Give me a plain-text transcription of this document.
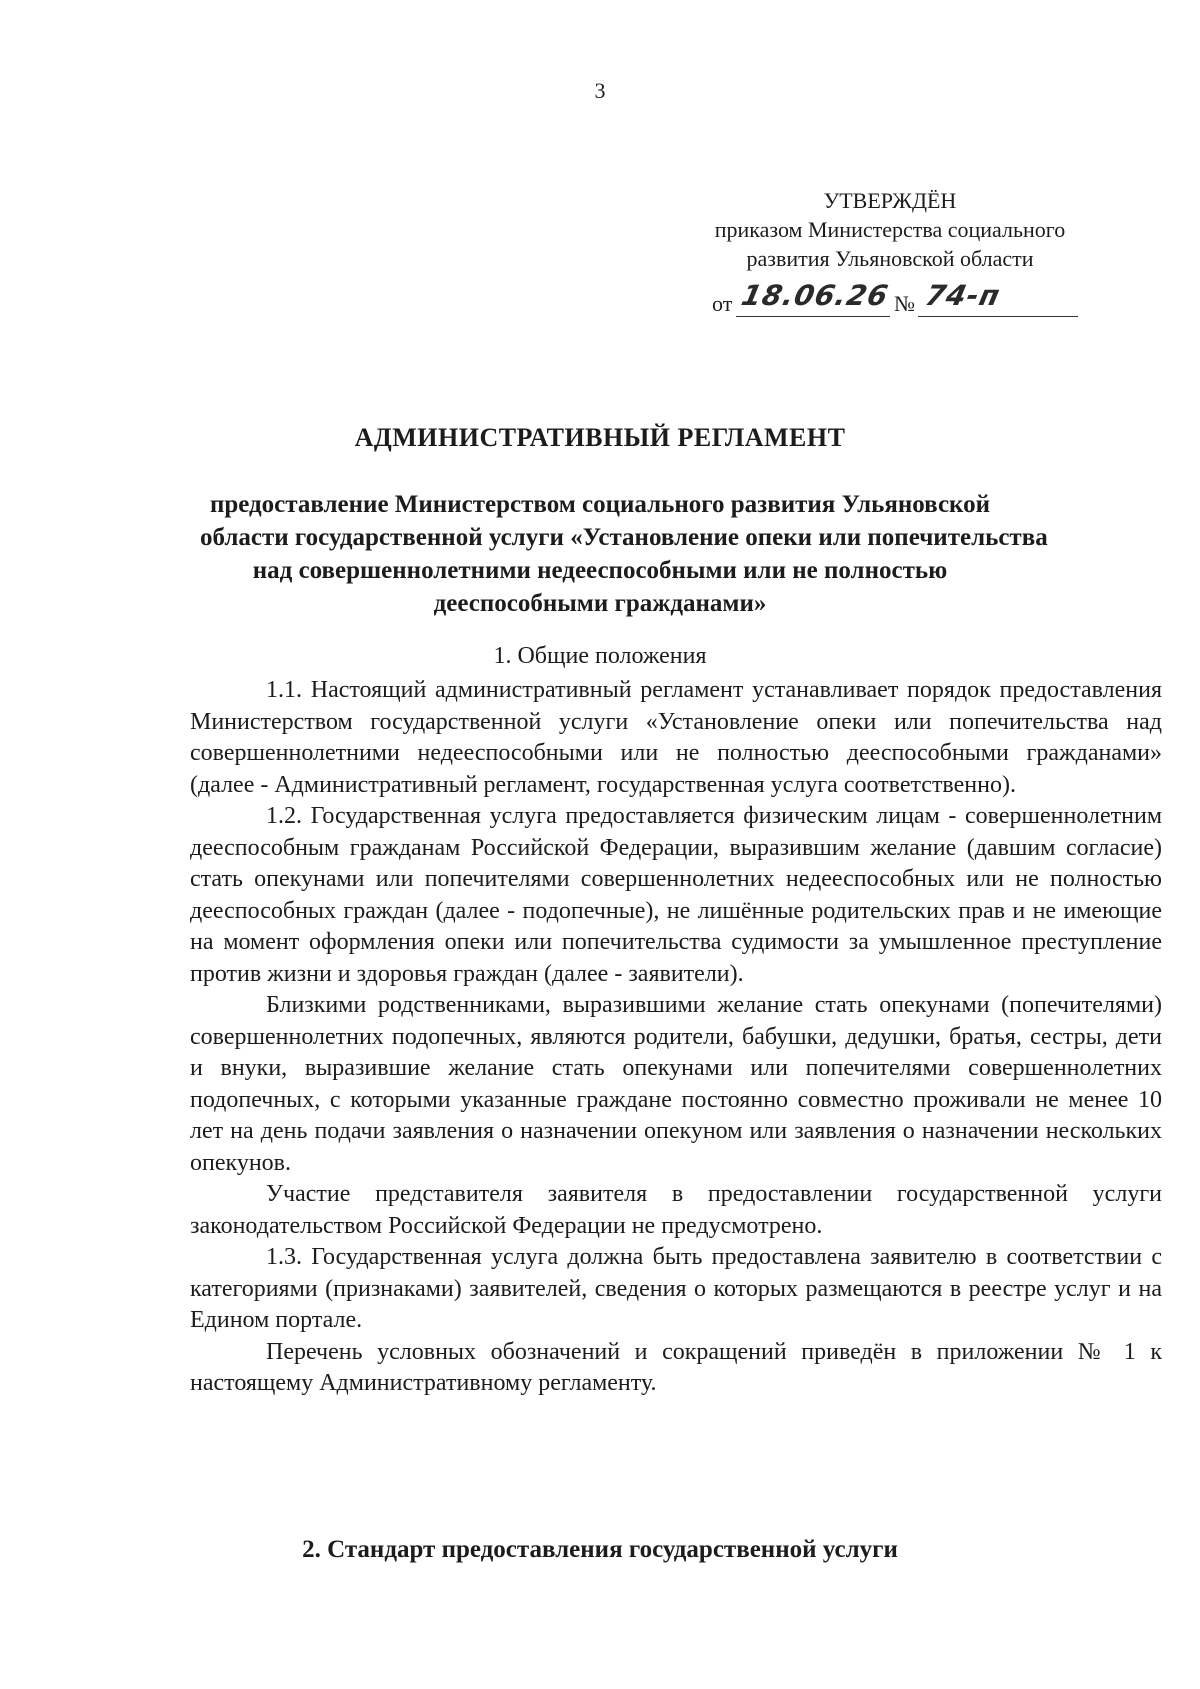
3
УТВЕРЖДЁН
приказом Министерства социального
развития Ульяновской области
от 18.06.26 № 74-п
АДМИНИСТРАТИВНЫЙ РЕГЛАМЕНТ
предоставление Министерством социального развития Ульяновской
области государственной услуги «Установление опеки или попечительства
над совершеннолетними недееспособными или не полностью
дееспособными гражданами»
1. Общие положения

1.1. Настоящий административный регламент устанавливает порядок предоставления Министерством государственной услуги «Установление опеки или попечительства над совершеннолетними недееспособными или не полностью дееспособными гражданами» (далее - Административный регламент, государственная услуга соответственно).

1.2. Государственная услуга предоставляется физическим лицам - совершеннолетним дееспособным гражданам Российской Федерации, выразившим желание (давшим согласие) стать опекунами или попечителями совершеннолетних недееспособных или не полностью дееспособных граждан (далее - подопечные), не лишённые родительских прав и не имеющие на момент оформления опеки или попечительства судимости за умышленное преступление против жизни и здоровья граждан (далее - заявители).

Близкими родственниками, выразившими желание стать опекунами (попечителями) совершеннолетних подопечных, являются родители, бабушки, дедушки, братья, сестры, дети и внуки, выразившие желание стать опекунами или попечителями совершеннолетних подопечных, с которыми указанные граждане постоянно совместно проживали не менее 10 лет на день подачи заявления о назначении опекуном или заявления о назначении нескольких опекунов.

Участие представителя заявителя в предоставлении государственной услуги законодательством Российской Федерации не предусмотрено.

1.3. Государственная услуга должна быть предоставлена заявителю в соответствии с категориями (признаками) заявителей, сведения о которых размещаются в реестре услуг и на Едином портале.

Перечень условных обозначений и сокращений приведён в приложении № 1 к настоящему Административному регламенту.

2. Стандарт предоставления государственной услуги
